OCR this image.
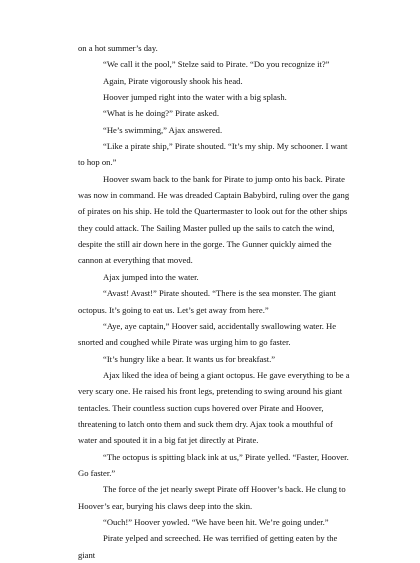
on a hot summer’s day.

“We call it the pool,” Stelze said to Pirate. “Do you recognize it?”

Again, Pirate vigorously shook his head.

Hoover jumped right into the water with a big splash.

“What is he doing?” Pirate asked.

“He’s swimming,” Ajax answered.

“Like a pirate ship,” Pirate shouted. “It’s my ship. My schooner. I want to hop on.”

Hoover swam back to the bank for Pirate to jump onto his back. Pirate was now in command. He was dreaded Captain Babybird, ruling over the gang of pirates on his ship. He told the Quartermaster to look out for the other ships they could attack. The Sailing Master pulled up the sails to catch the wind, despite the still air down here in the gorge. The Gunner quickly aimed the cannon at everything that moved.

Ajax jumped into the water.

“Avast! Avast!” Pirate shouted. “There is the sea monster. The giant octopus. It’s going to eat us. Let’s get away from here.”

“Aye, aye captain,” Hoover said, accidentally swallowing water. He snorted and coughed while Pirate was urging him to go faster.

“It’s hungry like a bear. It wants us for breakfast.”

Ajax liked the idea of being a giant octopus. He gave everything to be a very scary one. He raised his front legs, pretending to swing around his giant tentacles. Their countless suction cups hovered over Pirate and Hoover, threatening to latch onto them and suck them dry. Ajax took a mouthful of water and spouted it in a big fat jet directly at Pirate.

“The octopus is spitting black ink at us,” Pirate yelled. “Faster, Hoover. Go faster.”

The force of the jet nearly swept Pirate off Hoover’s back. He clung to Hoover’s ear, burying his claws deep into the skin.

“Ouch!” Hoover yowled. “We have been hit. We’re going under.”

Pirate yelped and screeched. He was terrified of getting eaten by the giant
